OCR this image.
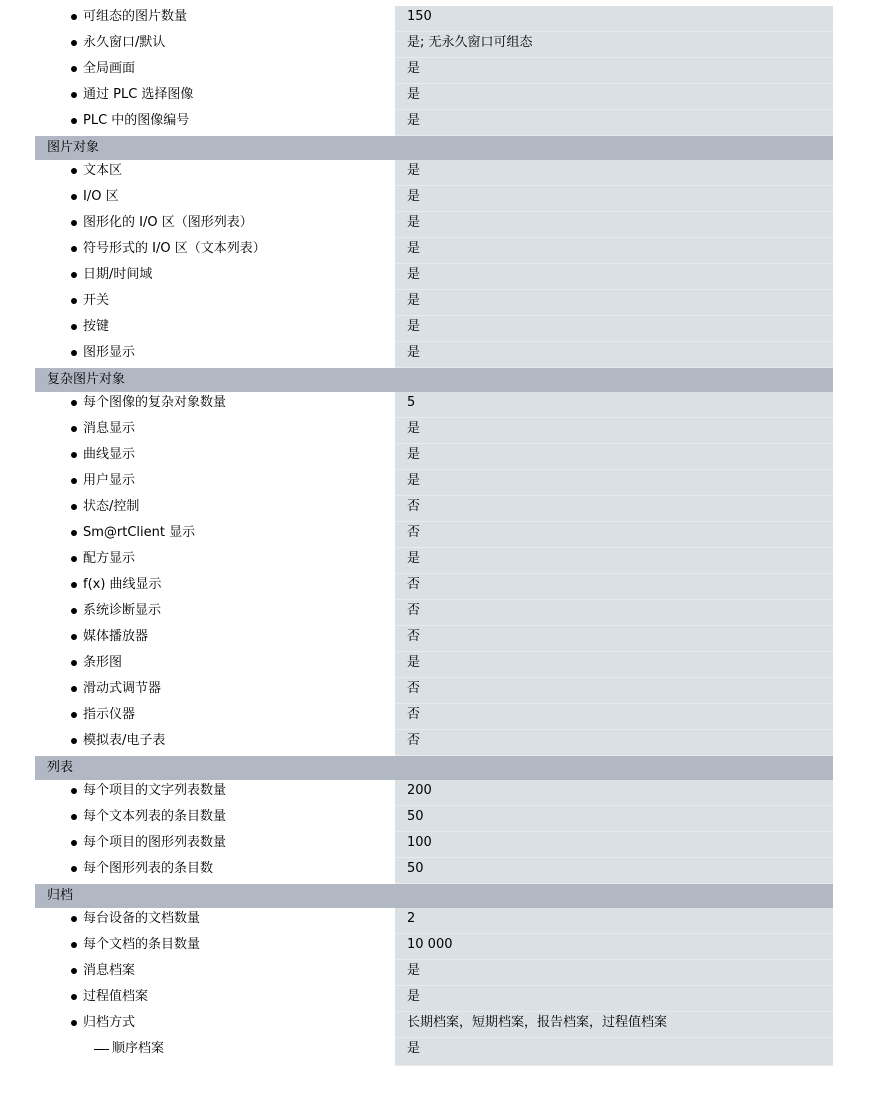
可组态的图片数量	150
永久窗口/默认	是; 无永久窗口可组态
全局画面	是
通过 PLC 选择图像	是
PLC 中的图像编号	是
图片对象
文本区	是
I/O 区	是
图形化的 I/O 区（图形列表）	是
符号形式的 I/O 区（文本列表）	是
日期/时间域	是
开关	是
按键	是
图形显示	是
复杂图片对象
每个图像的复杂对象数量	5
消息显示	是
曲线显示	是
用户显示	是
状态/控制	否
Sm@rtClient 显示	否
配方显示	是
f(x) 曲线显示	否
系统诊断显示	否
媒体播放器	否
条形图	是
滑动式调节器	否
指示仪器	否
模拟表/电子表	否
列表
每个项目的文字列表数量	200
每个文本列表的条目数量	50
每个项目的图形列表数量	100
每个图形列表的条目数	50
归档
每台设备的文档数量	2
每个文档的条目数量	10 000
消息档案	是
过程值档案	是
归档方式	长期档案，短期档案，报告档案，过程值档案
顺序档案	是
